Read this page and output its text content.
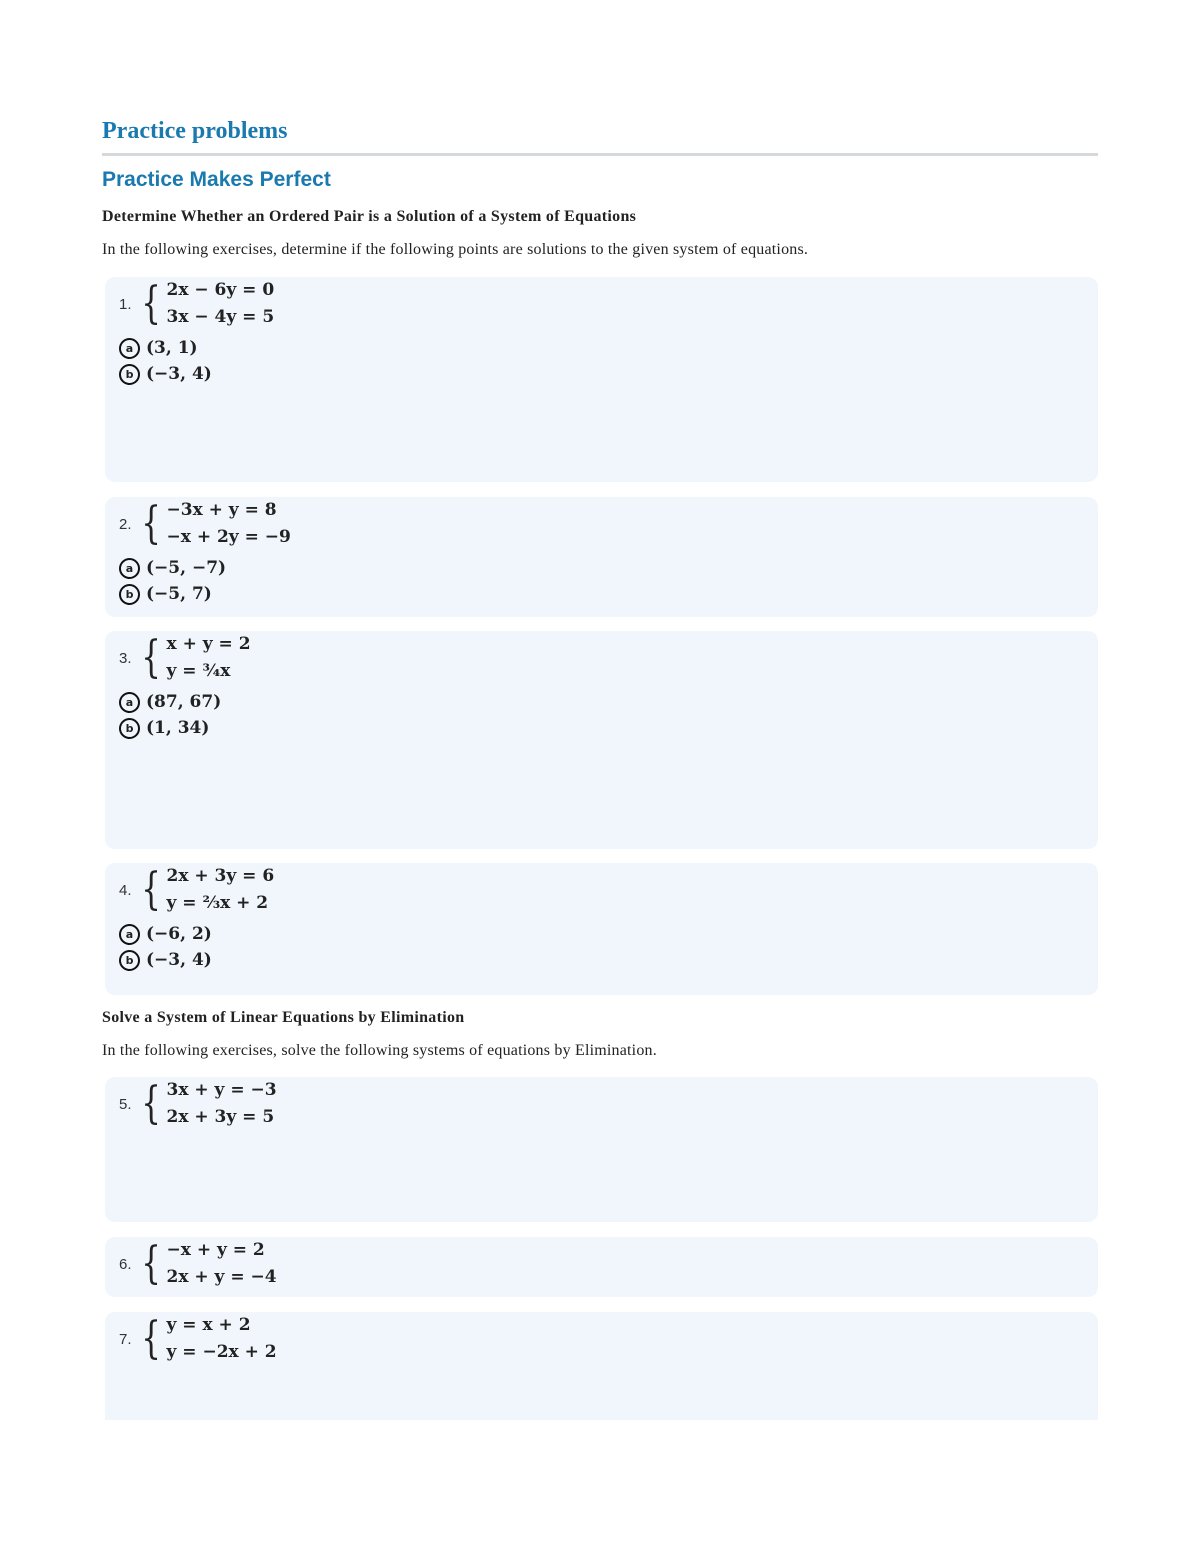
Practice problems
Practice Makes Perfect
Determine Whether an Ordered Pair is a Solution of a System of Equations
In the following exercises, determine if the following points are solutions to the given system of equations.
1. { 2x − 6y = 0
3x − 4y = 5
a (3, 1)
b (−3, 4)
2. { −3x + y = 8
−x + 2y = −9
a (−5, −7)
b (−5, 7)
3. { x + y = 2
y = ¾x
a (87, 67)
b (1, 34)
4. { 2x + 3y = 6
y = ⅔x + 2
a (−6, 2)
b (−3, 4)
Solve a System of Linear Equations by Elimination
In the following exercises, solve the following systems of equations by Elimination.
5. { 3x + y = −3
2x + 3y = 5
6. { −x + y = 2
2x + y = −4
7. { y = x + 2
y = −2x + 2
